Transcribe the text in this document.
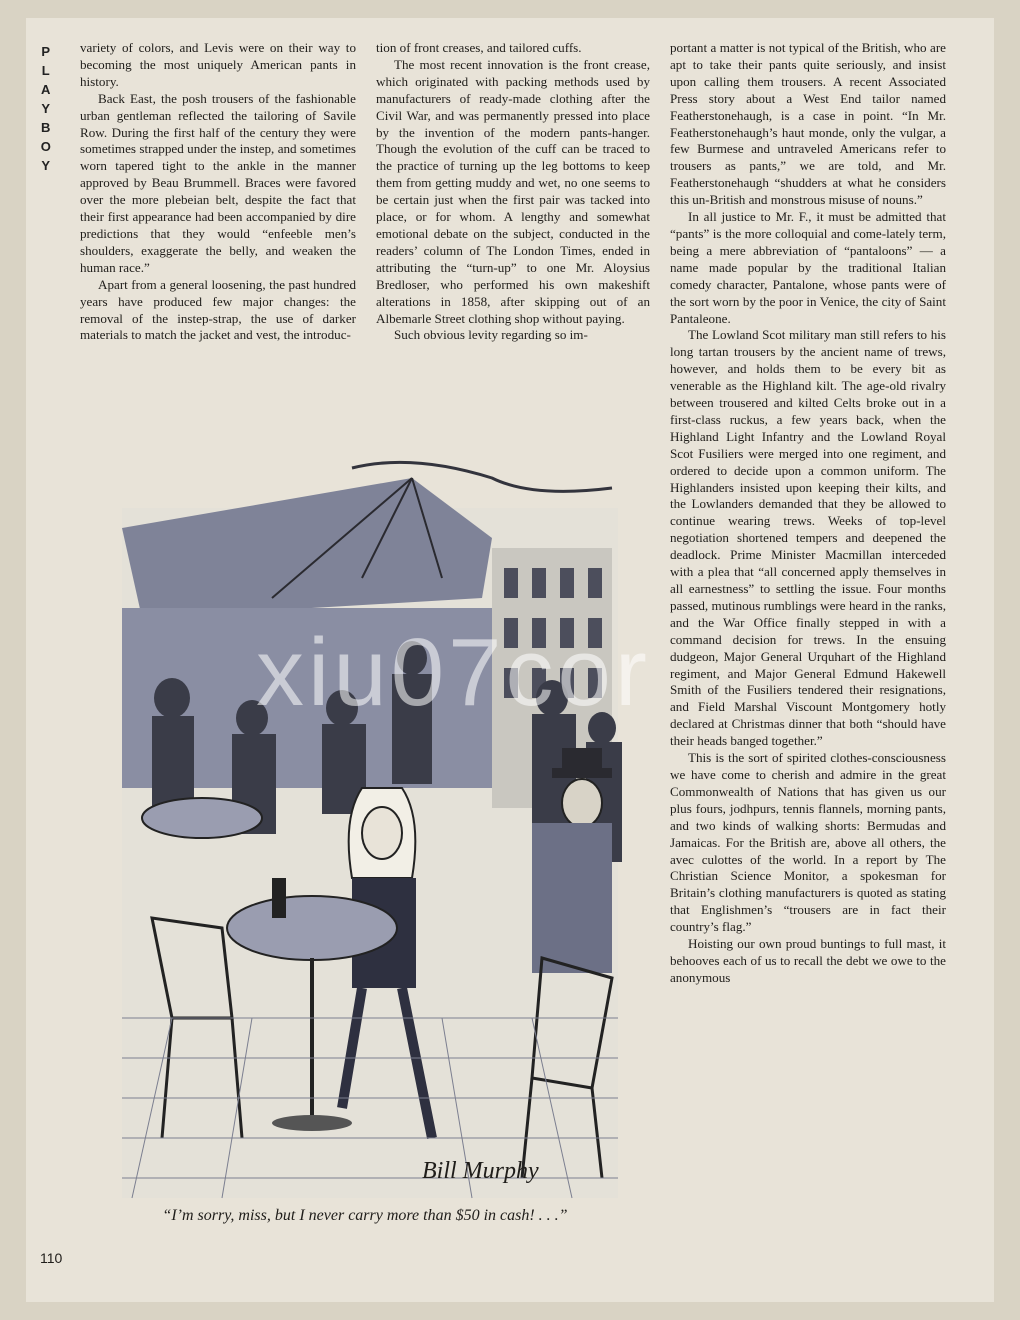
P
L
A
Y
B
O
Y

variety of colors, and Levis were on their way to becoming the most uniquely American pants in history.

Back East, the posh trousers of the fashionable urban gentleman reflected the tailoring of Savile Row. During the first half of the century they were sometimes strapped under the instep, and sometimes worn tapered tight to the ankle in the manner approved by Beau Brummell. Braces were favored over the more plebeian belt, despite the fact that their first appearance had been accompanied by dire predictions that they would “enfeeble men’s shoulders, exaggerate the belly, and weaken the human race.”

Apart from a general loosening, the past hundred years have produced few major changes: the removal of the instep-strap, the use of darker materials to match the jacket and vest, the introduc-

tion of front creases, and tailored cuffs.

The most recent innovation is the front crease, which originated with packing methods used by manufacturers of ready-made clothing after the Civil War, and was permanently pressed into place by the invention of the modern pants-hanger. Though the evolution of the cuff can be traced to the practice of turning up the leg bottoms to keep them from getting muddy and wet, no one seems to be certain just when the first pair was tacked into place, or for whom. A lengthy and somewhat emotional debate on the subject, conducted in the readers’ column of The London Times, ended in attributing the “turn-up” to one Mr. Aloysius Bredloser, who performed his own makeshift alterations in 1858, after skipping out of an Albemarle Street clothing shop without paying.

Such obvious levity regarding so im-

portant a matter is not typical of the British, who are apt to take their pants quite seriously, and insist upon calling them trousers. A recent Associated Press story about a West End tailor named Featherstonehaugh, is a case in point. “In Mr. Featherstonehaugh’s haut monde, only the vulgar, a few Burmese and untraveled Americans refer to trousers as pants,” we are told, and Mr. Featherstonehaugh “shudders at what he considers this un-British and monstrous misuse of nouns.”

In all justice to Mr. F., it must be admitted that “pants” is the more colloquial and come-lately term, being a mere abbreviation of “pantaloons” — a name made popular by the traditional Italian comedy character, Pantalone, whose pants were of the sort worn by the poor in Venice, the city of Saint Pantaleone.

The Lowland Scot military man still refers to his long tartan trousers by the ancient name of trews, however, and holds them to be every bit as venerable as the Highland kilt. The age-old rivalry between trousered and kilted Celts broke out in a first-class ruckus, a few years back, when the Highland Light Infantry and the Lowland Royal Scot Fusiliers were merged into one regiment, and ordered to decide upon a common uniform. The Highlanders insisted upon keeping their kilts, and the Lowlanders demanded that they be allowed to continue wearing trews. Weeks of top-level negotiation shortened tempers and deepened the deadlock. Prime Minister Macmillan interceded with a plea that “all concerned apply themselves in all earnestness” to settling the issue. Four months passed, mutinous rumblings were heard in the ranks, and the War Office finally stepped in with a command decision for trews. In the ensuing dudgeon, Major General Urquhart of the Highland regiment, and Major General Edmund Hakewell Smith of the Fusiliers tendered their resignations, and Field Marshal Viscount Montgomery hotly declared at Christmas dinner that both “should have their heads banged together.”

This is the sort of spirited clothes-consciousness we have come to cherish and admire in the great Commonwealth of Nations that has given us our plus fours, jodhpurs, tennis flannels, morning pants, and two kinds of walking shorts: Bermudas and Jamaicas. For the British are, above all others, the avec culottes of the world. In a report by The Christian Science Monitor, a spokesman for Britain’s clothing manufacturers is quoted as stating that Englishmen’s “trousers are in fact their country’s flag.”

Hoisting our own proud buntings to full mast, it behooves each of us to recall the debt we owe to the anonymous

Bill Murphy
“I’m sorry, miss, but I never carry more than $50 in cash! . . .”
110
xiu07cor
